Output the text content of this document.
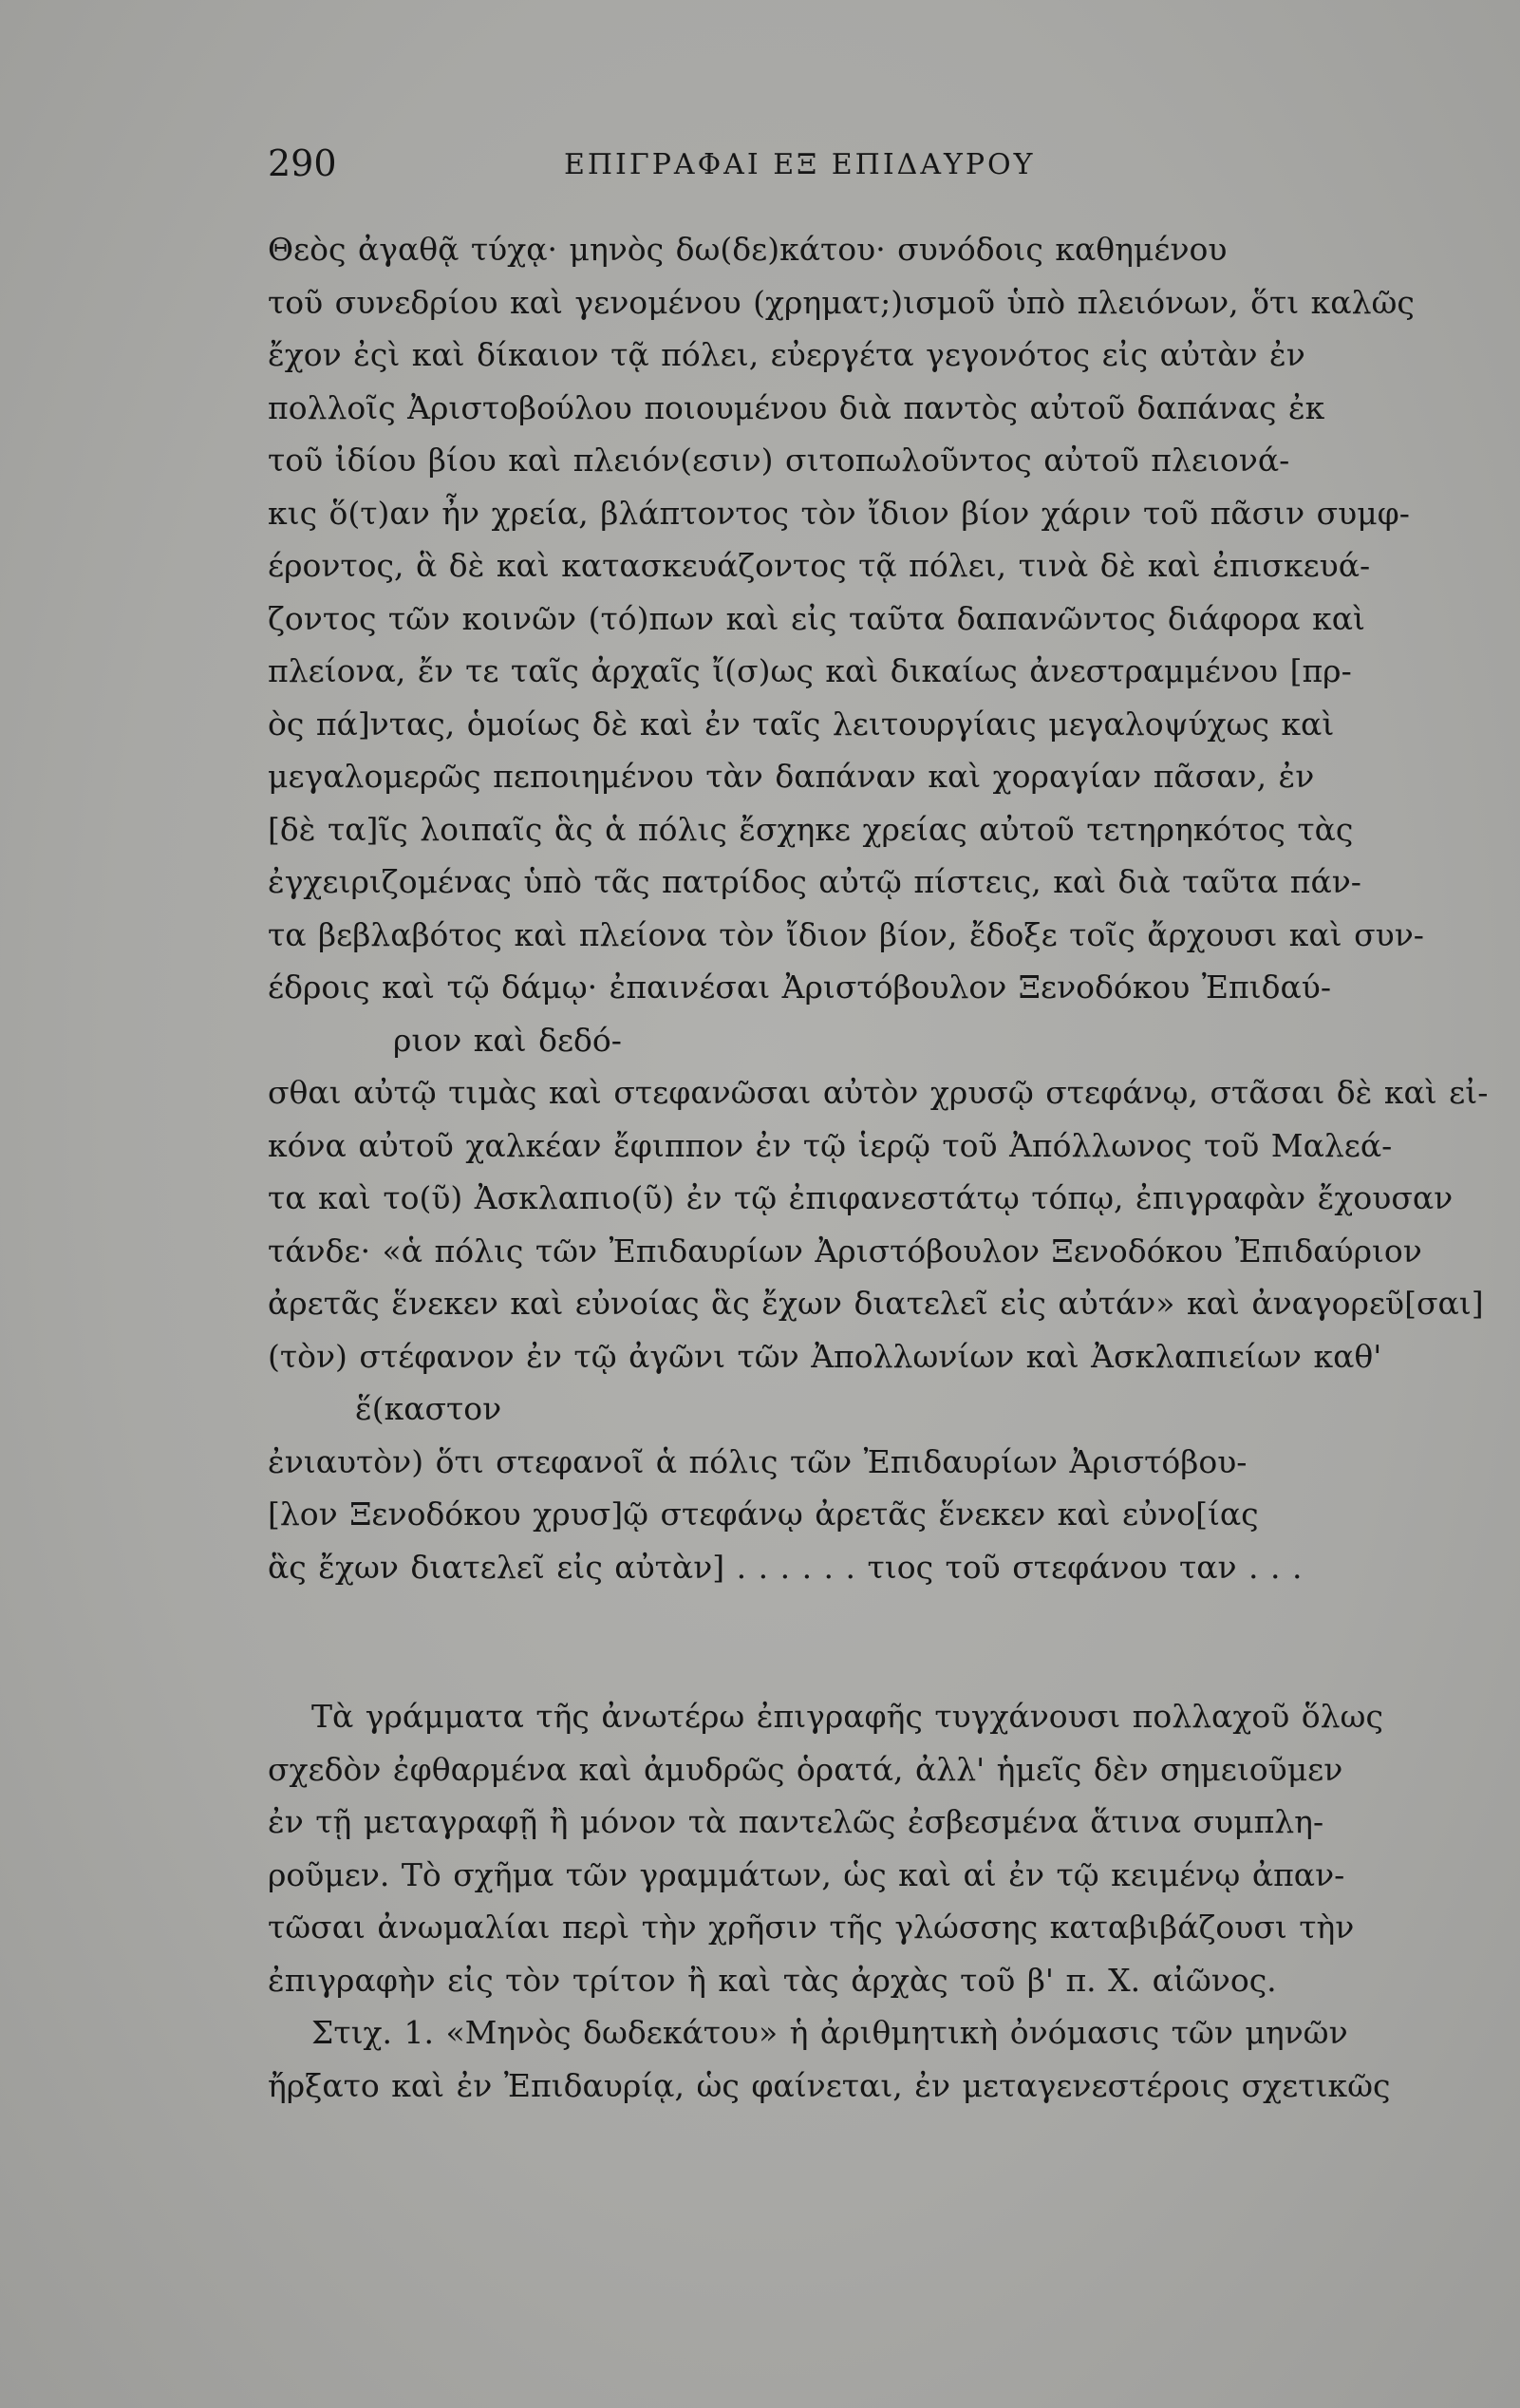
290	ΕΠΙΓΡΑΦΑΙ ΕΞ ΕΠΙΔΑΥΡΟΥ
Θεὸς ἀγαθᾷ τύχᾳ· μηνὸς δω(δε)κάτου· συνόδοις καθημένου
τοῦ συνεδρίου καὶ γενομένου (χρηματ;)ισμοῦ ὑπὸ πλειόνων, ὅτι καλῶς
ἔχον ἐςὶ καὶ δίκαιον τᾷ πόλει, εὐεργέτα γεγονότος εἰς αὐτὰν ἐν
πολλοῖς Ἀριστοβούλου ποιουμένου διὰ παντὸς αὐτοῦ δαπάνας ἐκ
τοῦ ἰδίου βίου καὶ πλειόν(εσιν) σιτοπωλοῦντος αὐτοῦ πλειονά-
κις ὅ(τ)αν ἦν χρεία, βλάπτοντος τὸν ἴδιον βίον χάριν τοῦ πᾶσιν συμφ-
έροντος, ἃ δὲ καὶ κατασκευάζοντος τᾷ πόλει, τινὰ δὲ καὶ ἐπισκευά-
ζοντος τῶν κοινῶν (τό)πων καὶ εἰς ταῦτα δαπανῶντος διάφορα καὶ
πλείονα, ἔν τε ταῖς ἀρχαῖς ἴ(σ)ως καὶ δικαίως ἀνεστραμμένου [πρ-
ὸς πά]ντας, ὁμοίως δὲ καὶ ἐν ταῖς λειτουργίαις μεγαλοψύχως καὶ
μεγαλομερῶς πεποιημένου τὰν δαπάναν καὶ χοραγίαν πᾶσαν, ἐν
[δὲ τα]ῖς λοιπαῖς ἃς ἁ πόλις ἔσχηκε χρείας αὐτοῦ τετηρηκότος τὰς
ἐγχειριζομένας ὑπὸ τᾶς πατρίδος αὐτῷ πίστεις, καὶ διὰ ταῦτα πάν-
τα βεβλαβότος καὶ πλείονα τὸν ἴδιον βίον, ἔδοξε τοῖς ἄρχουσι καὶ συν-
έδροις καὶ τῷ δάμῳ· ἐπαινέσαι Ἀριστόβουλον Ξενοδόκου Ἐπιδαύ-
ριον καὶ δεδό-
σθαι αὐτῷ τιμὰς καὶ στεφανῶσαι αὐτὸν χρυσῷ στεφάνῳ, στᾶσαι δὲ καὶ εἰ-
κόνα αὐτοῦ χαλκέαν ἔφιππον ἐν τῷ ἱερῷ τοῦ Ἀπόλλωνος τοῦ Μαλεά-
τα καὶ το(ῦ) Ἀσκλαπιο(ῦ) ἐν τῷ ἐπιφανεστάτῳ τόπῳ, ἐπιγραφὰν ἔχουσαν
τάνδε· «ἁ πόλις τῶν Ἐπιδαυρίων Ἀριστόβουλον Ξενοδόκου Ἐπιδαύριον
ἀρετᾶς ἕνεκεν καὶ εὐνοίας ἃς ἔχων διατελεῖ εἰς αὐτάν» καὶ ἀναγορεῦ[σαι]
(τὸν) στέφανον ἐν τῷ ἀγῶνι τῶν Ἀπολλωνίων καὶ Ἀσκλαπιείων καθ'
ἕ(καστον
ἐνιαυτὸν) ὅτι στεφανοῖ ἁ πόλις τῶν Ἐπιδαυρίων Ἀριστόβου-
[λον Ξενοδόκου χρυσ]ῷ στεφάνῳ ἀρετᾶς ἕνεκεν καὶ εὐνο[ίας
ἃς ἔχων διατελεῖ εἰς αὐτὰν] . . . . . . τιος τοῦ στεφάνου ταν . . .
Τὰ γράμματα τῆς ἀνωτέρω ἐπιγραφῆς τυγχάνουσι πολλαχοῦ ὅλως
σχεδὸν ἐφθαρμένα καὶ ἀμυδρῶς ὁρατά, ἀλλ' ἡμεῖς δὲν σημειοῦμεν
ἐν τῇ μεταγραφῇ ἢ μόνον τὰ παντελῶς ἐσβεσμένα ἅτινα συμπλη-
ροῦμεν. Τὸ σχῆμα τῶν γραμμάτων, ὡς καὶ αἱ ἐν τῷ κειμένῳ ἀπαν-
τῶσαι ἀνωμαλίαι περὶ τὴν χρῆσιν τῆς γλώσσης καταβιβάζουσι τὴν
ἐπιγραφὴν εἰς τὸν τρίτον ἢ καὶ τὰς ἀρχὰς τοῦ β' π. Χ. αἰῶνος.
Στιχ. 1. «Μηνὸς δωδεκάτου» ἡ ἀριθμητικὴ ὀνόμασις τῶν μηνῶν
ἤρξατο καὶ ἐν Ἐπιδαυρίᾳ, ὡς φαίνεται, ἐν μεταγενεστέροις σχετικῶς
